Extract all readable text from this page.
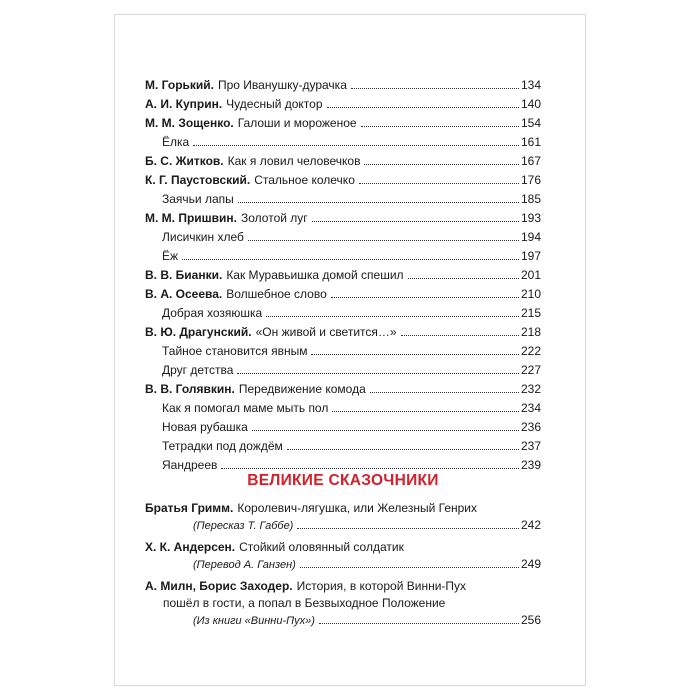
М. Горький. Про Иванушку-дурачка	134
А. И. Куприн. Чудесный доктор	140
М. М. Зощенко. Галоши и мороженое	154
Ёлка	161
Б. С. Житков. Как я ловил человечков	167
К. Г. Паустовский. Стальное колечко	176
Заячьи лапы	185
М. М. Пришвин. Золотой луг	193
Лисичкин хлеб	194
Ёж	197
В. В. Бианки. Как Муравьишка домой спешил	201
В. А. Осеева. Волшебное слово	210
Добрая хозяюшка	215
В. Ю. Драгунский. «Он живой и светится…»	218
Тайное становится явным	222
Друг детства	227
В. В. Голявкин. Передвижение комода	232
Как я помогал маме мыть пол	234
Новая рубашка	236
Тетрадки под дождём	237
Яандреев	239
ВЕЛИКИЕ СКАЗОЧНИКИ
Братья Гримм. Королевич-лягушка, или Железный Генрих
(Пересказ Т. Габбе)	242
Х. К. Андерсен. Стойкий оловянный солдатик
(Перевод А. Ганзен)	249
А. Милн, Борис Заходер. История, в которой Винни-Пух
пошёл в гости, а попал в Безвыходное Положение
(Из книги «Винни-Пух»)	256
